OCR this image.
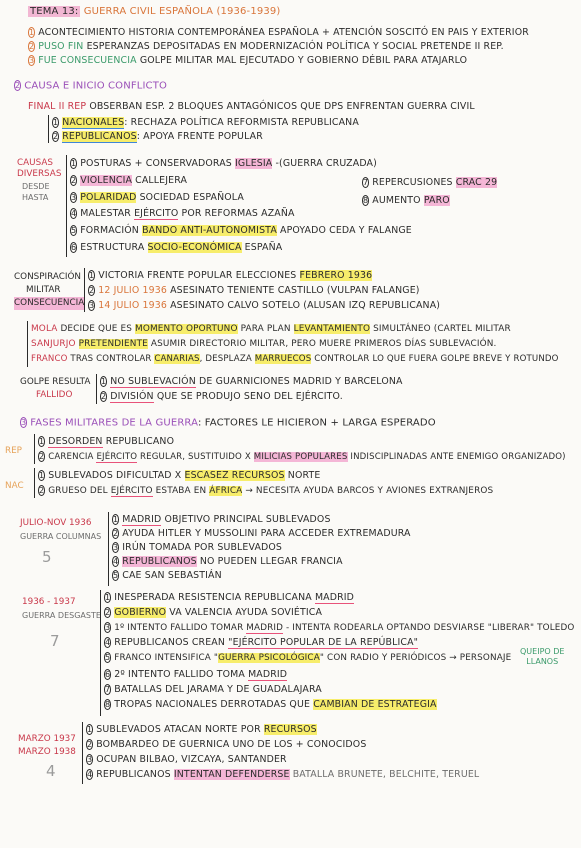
TEMA 13: GUERRA CIVIL ESPAÑOLA (1936-1939)
1 ACONTECIMIENTO HISTORIA CONTEMPORÁNEA ESPAÑOLA + ATENCIÓN SOSCITÓ EN PAIS Y EXTERIOR
2 PUSO FIN ESPERANZAS DEPOSITADAS EN MODERNIZACIÓN POLÍTICA Y SOCIAL PRETENDE II REP.
3 FUE CONSECUENCIA GOLPE MILITAR MAL EJECUTADO Y GOBIERNO DÉBIL PARA ATAJARLO
2 CAUSA E INICIO CONFLICTO
FINAL II REP OBSERBAN ESP. 2 BLOQUES ANTAGÓNICOS QUE DPS ENFRENTAN GUERRA CIVIL
1 NACIONALES: RECHAZA POLÍTICA REFORMISTA REPUBLICANA
2 REPUBLICANOS: APOYA FRENTE POPULAR
CAUSAS
DIVERSAS
DESDE
HASTA
1 POSTURAS + CONSERVADORAS IGLESIA -(GUERRA CRUZADA)
2 VIOLENCIA CALLEJERA
3 POLARIDAD SOCIEDAD ESPAÑOLA
4 MALESTAR EJÉRCITO POR REFORMAS AZAÑA
5 FORMACIÓN BANDO ANTI-AUTONOMISTA APOYADO CEDA Y FALANGE
6 ESTRUCTURA SOCIO-ECONÓMICA ESPAÑA
7 REPERCUSIONES CRAC 29
8 AUMENTO PARO
CONSPIRACIÓN
MILITAR
CONSECUENCIA
1 VICTORIA FRENTE POPULAR ELECCIONES FEBRERO 1936
2 12 JULIO 1936 ASESINATO TENIENTE CASTILLO (VULPAN FALANGE)
3 14 JULIO 1936 ASESINATO CALVO SOTELO (ALUSAN IZQ REPUBLICANA)
MOLA DECIDE QUE ES MOMENTO OPORTUNO PARA PLAN LEVANTAMIENTO SIMULTÁNEO (CARTEL MILITAR
SANJURJO PRETENDIENTE ASUMIR DIRECTORIO MILITAR, PERO MUERE PRIMEROS DÍAS SUBLEVACIÓN.
FRANCO TRAS CONTROLAR CANARIAS, DESPLAZA MARRUECOS CONTROLAR LO QUE FUERA GOLPE BREVE Y ROTUNDO
GOLPE RESULTA
FALLIDO
1 NO SUBLEVACIÓN DE GUARNICIONES MADRID Y BARCELONA
2 DIVISIÓN QUE SE PRODUJO SENO DEL EJÉRCITO.
3 FASES MILITARES DE LA GUERRA: FACTORES LE HICIERON + LARGA ESPERADO
REP
1 DESORDEN REPUBLICANO
2 CARENCIA EJÉRCITO REGULAR, SUSTITUIDO X MILICIAS POPULARES INDISCIPLINADAS ANTE ENEMIGO ORGANIZADO)
NAC
1 SUBLEVADOS DIFICULTAD X ESCASEZ RECURSOS NORTE
2 GRUESO DEL EJÉRCITO ESTABA EN ÁFRICA → NECESITA AYUDA BARCOS Y AVIONES EXTRANJEROS
JULIO-NOV 1936
GUERRA COLUMNAS
5
1 MADRID OBJETIVO PRINCIPAL SUBLEVADOS
2 AYUDA HITLER Y MUSSOLINI PARA ACCEDER EXTREMADURA
3 IRÚN TOMADA POR SUBLEVADOS
4 REPUBLICANOS NO PUEDEN LLEGAR FRANCIA
5 CAE SAN SEBASTIÁN
1936 - 1937
GUERRA DESGASTE
7
1 INESPERADA RESISTENCIA REPUBLICANA MADRID
2 GOBIERNO VA VALENCIA AYUDA SOVIÉTICA
3 1º INTENTO FALLIDO TOMAR MADRID - INTENTA RODEARLA OPTANDO DESVIARSE "LIBERAR" TOLEDO
4 REPUBLICANOS CREAN "EJÉRCITO POPULAR DE LA REPÚBLICA"
5 FRANCO INTENSIFICA "GUERRA PSICOLÓGICA" CON RADIO Y PERIÓDICOS → PERSONAJE
QUEIPO DE
LLANOS
6 2º INTENTO FALLIDO TOMA MADRID
7 BATALLAS DEL JARAMA Y DE GUADALAJARA
8 TROPAS NACIONALES DERROTADAS QUE CAMBIAN DE ESTRATEGIA
MARZO 1937
MARZO 1938
4
1 SUBLEVADOS ATACAN NORTE POR RECURSOS
2 BOMBARDEO DE GUERNICA UNO DE LOS + CONOCIDOS
3 OCUPAN BILBAO, VIZCAYA, SANTANDER
4 REPUBLICANOS INTENTAN DEFENDERSE BATALLA BRUNETE, BELCHITE, TERUEL
